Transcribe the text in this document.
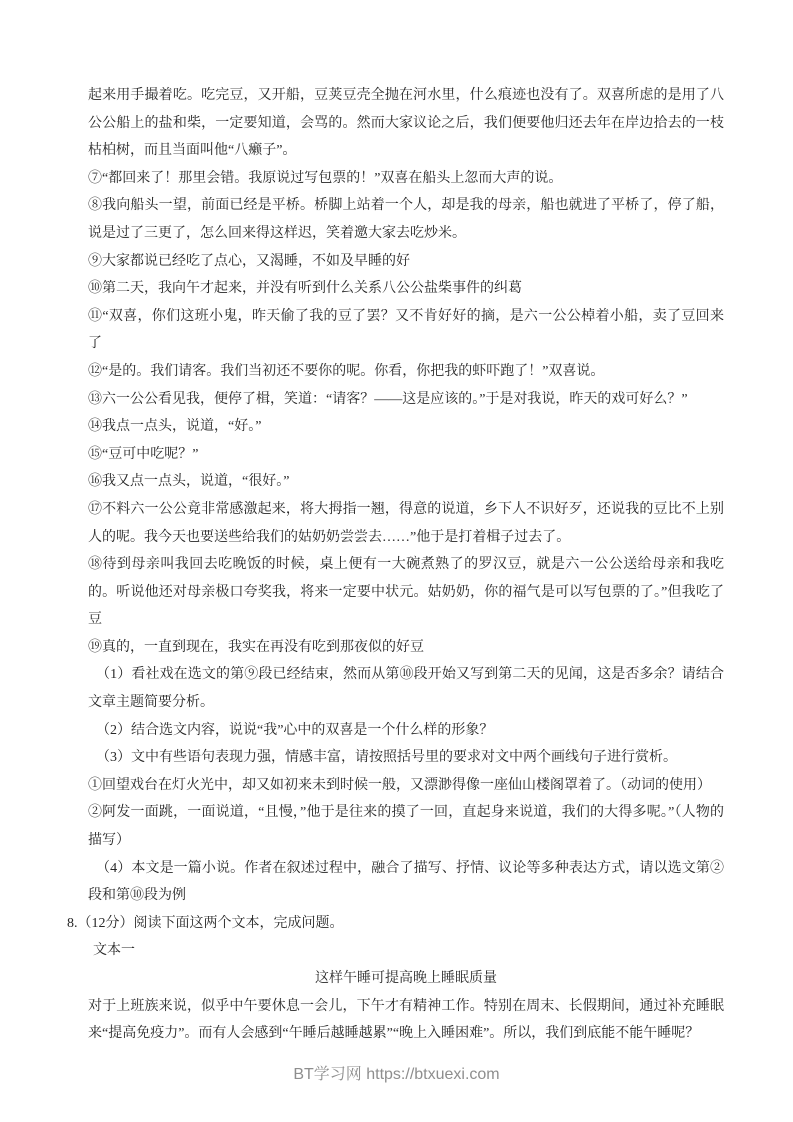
起来用手撮着吃。吃完豆，又开船，豆荚豆壳全抛在河水里，什么痕迹也没有了。双喜所虑的是用了八公公船上的盐和柴，一定要知道，会骂的。然而大家议论之后，我们便要他归还去年在岸边拾去的一枝枯柏树，而且当面叫他“八癞子”。

⑦“都回来了！那里会错。我原说过写包票的！”双喜在船头上忽而大声的说。

⑧我向船头一望，前面已经是平桥。桥脚上站着一个人，却是我的母亲，船也就进了平桥了，停了船，说是过了三更了，怎么回来得这样迟，笑着邀大家去吃炒米。

⑨大家都说已经吃了点心，又渴睡，不如及早睡的好

⑩第二天，我向午才起来，并没有听到什么关系八公公盐柴事件的纠葛

⑪“双喜，你们这班小鬼，昨天偷了我的豆了罢？又不肯好好的摘，是六一公公棹着小船，卖了豆回来了

⑫“是的。我们请客。我们当初还不要你的呢。你看，你把我的虾吓跑了！”双喜说。

⑬六一公公看见我，便停了楫，笑道：“请客？——这是应该的。”于是对我说，昨天的戏可好么？”

⑭我点一点头，说道，“好。”

⑮“豆可中吃呢？”

⑯我又点一点头，说道，“很好。”

⑰不料六一公公竟非常感激起来，将大拇指一翘，得意的说道，乡下人不识好歹，还说我的豆比不上别人的呢。我今天也要送些给我们的姑奶奶尝尝去……”他于是打着楫子过去了。

⑱待到母亲叫我回去吃晚饭的时候，桌上便有一大碗煮熟了的罗汉豆，就是六一公公送给母亲和我吃的。听说他还对母亲极口夸奖我，将来一定要中状元。姑奶奶，你的福气是可以写包票的了。”但我吃了豆

⑲真的，一直到现在，我实在再没有吃到那夜似的好豆

（1）看社戏在选文的第⑨段已经结束，然而从第⑩段开始又写到第二天的见闻，这是否多余？请结合文章主题简要分析。

（2）结合选文内容，说说“我”心中的双喜是一个什么样的形象？

（3）文中有些语句表现力强，情感丰富，请按照括号里的要求对文中两个画线句子进行赏析。

①回望戏台在灯火光中，却又如初来未到时候一般，又漂渺得像一座仙山楼阁罩着了。（动词的使用）

②阿发一面跳，一面说道，“且慢，”他于是往来的摸了一回，直起身来说道，我们的大得多呢。”（人物的描写）

（4）本文是一篇小说。作者在叙述过程中，融合了描写、抒情、议论等多种表达方式，请以选文第②段和第⑩段为例

8.（12分）阅读下面这两个文本，完成问题。

文本一

这样午睡可提高晚上睡眠质量

对于上班族来说，似乎中午要休息一会儿，下午才有精神工作。特别在周末、长假期间，通过补充睡眠来“提高免疫力”。而有人会感到“午睡后越睡越累”“晚上入睡困难”。所以，我们到底能不能午睡呢？

BT学习网 https://btxuexi.com
